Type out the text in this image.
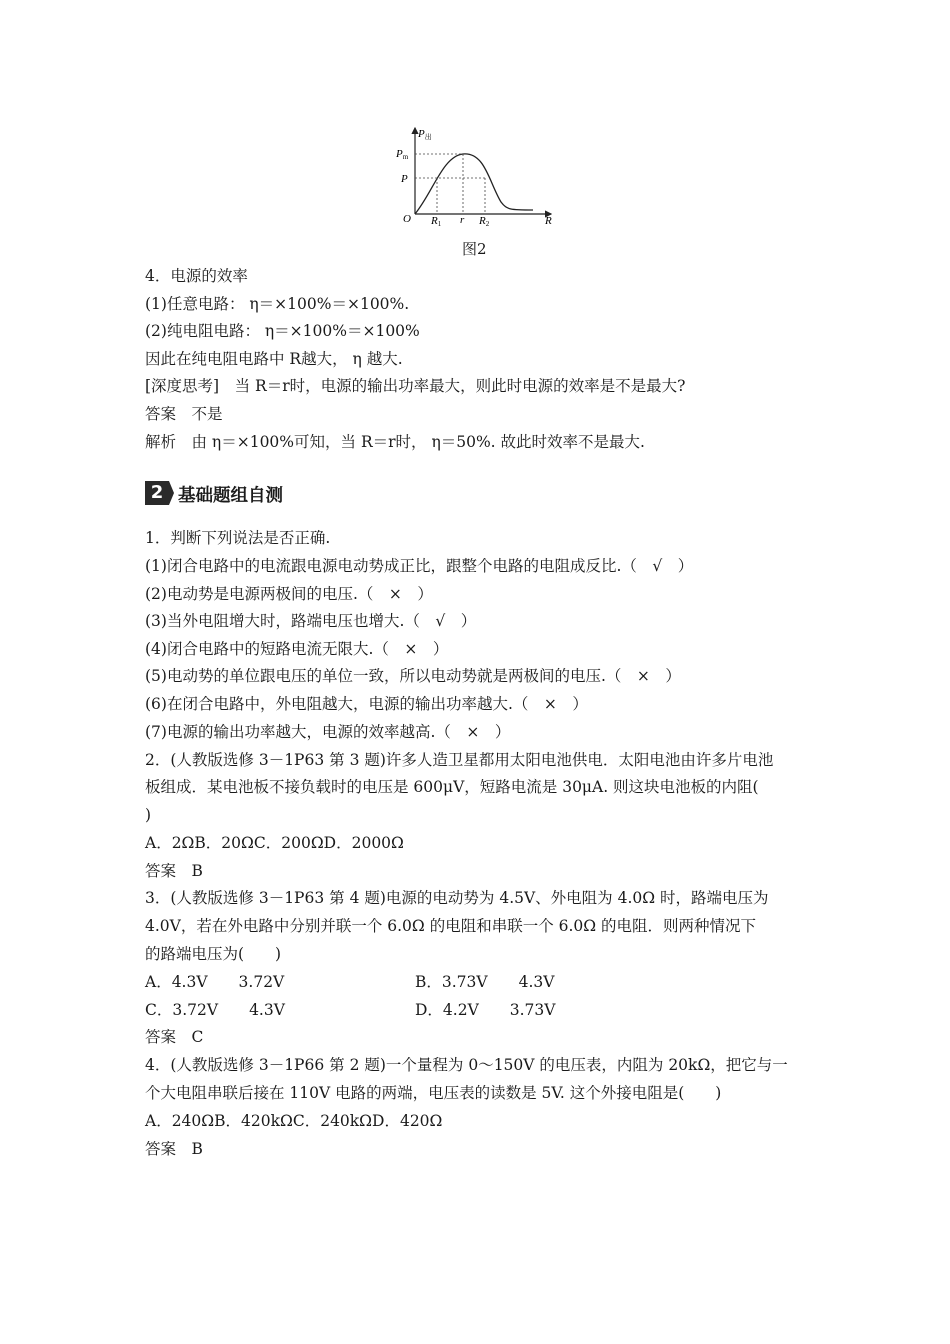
P出
Pm
P
O R1 r R2	R
图2
4．电源的效率
(1)任意电路： η＝×100%＝×100%.
(2)纯电阻电路： η＝×100%＝×100%
因此在纯电阻电路中 R越大， η 越大.
[深度思考]　当 R＝r时，电源的输出功率最大，则此时电源的效率是不是最大?
答案　不是
解析　由 η＝×100%可知，当 R＝r时， η＝50%. 故此时效率不是最大.
2 基础题组自测
1．判断下列说法是否正确.
(1)闭合电路中的电流跟电源电动势成正比，跟整个电路的电阻成反比.（　√　）
(2)电动势是电源两极间的电压.（　×　）
(3)当外电阻增大时，路端电压也增大.（　√　）
(4)闭合电路中的短路电流无限大.（　×　）
(5)电动势的单位跟电压的单位一致，所以电动势就是两极间的电压.（　×　）
(6)在闭合电路中，外电阻越大，电源的输出功率越大.（　×　）
(7)电源的输出功率越大，电源的效率越高.（　×　）
2．(人教版选修 3－1P63 第 3 题)许多人造卫星都用太阳电池供电．太阳电池由许多片电池
板组成．某电池板不接负载时的电压是 600μV，短路电流是 30μA. 则这块电池板的内阻(
)
A．2ΩB．20ΩC．200ΩD．2000Ω
答案　B
3．(人教版选修 3－1P63 第 4 题)电源的电动势为 4.5V、外电阻为 4.0Ω 时，路端电压为
4.0V，若在外电路中分别并联一个 6.0Ω 的电阻和串联一个 6.0Ω 的电阻．则两种情况下
的路端电压为(　　)
A．4.3V　　3.72V	B．3.73V　　4.3V
C．3.72V　　4.3V	D．4.2V　　3.73V
答案　C
4．(人教版选修 3－1P66 第 2 题)一个量程为 0～150V 的电压表，内阻为 20kΩ，把它与一
个大电阻串联后接在 110V 电路的两端，电压表的读数是 5V. 这个外接电阻是(　　)
A．240ΩB．420kΩC．240kΩD．420Ω
答案　B
